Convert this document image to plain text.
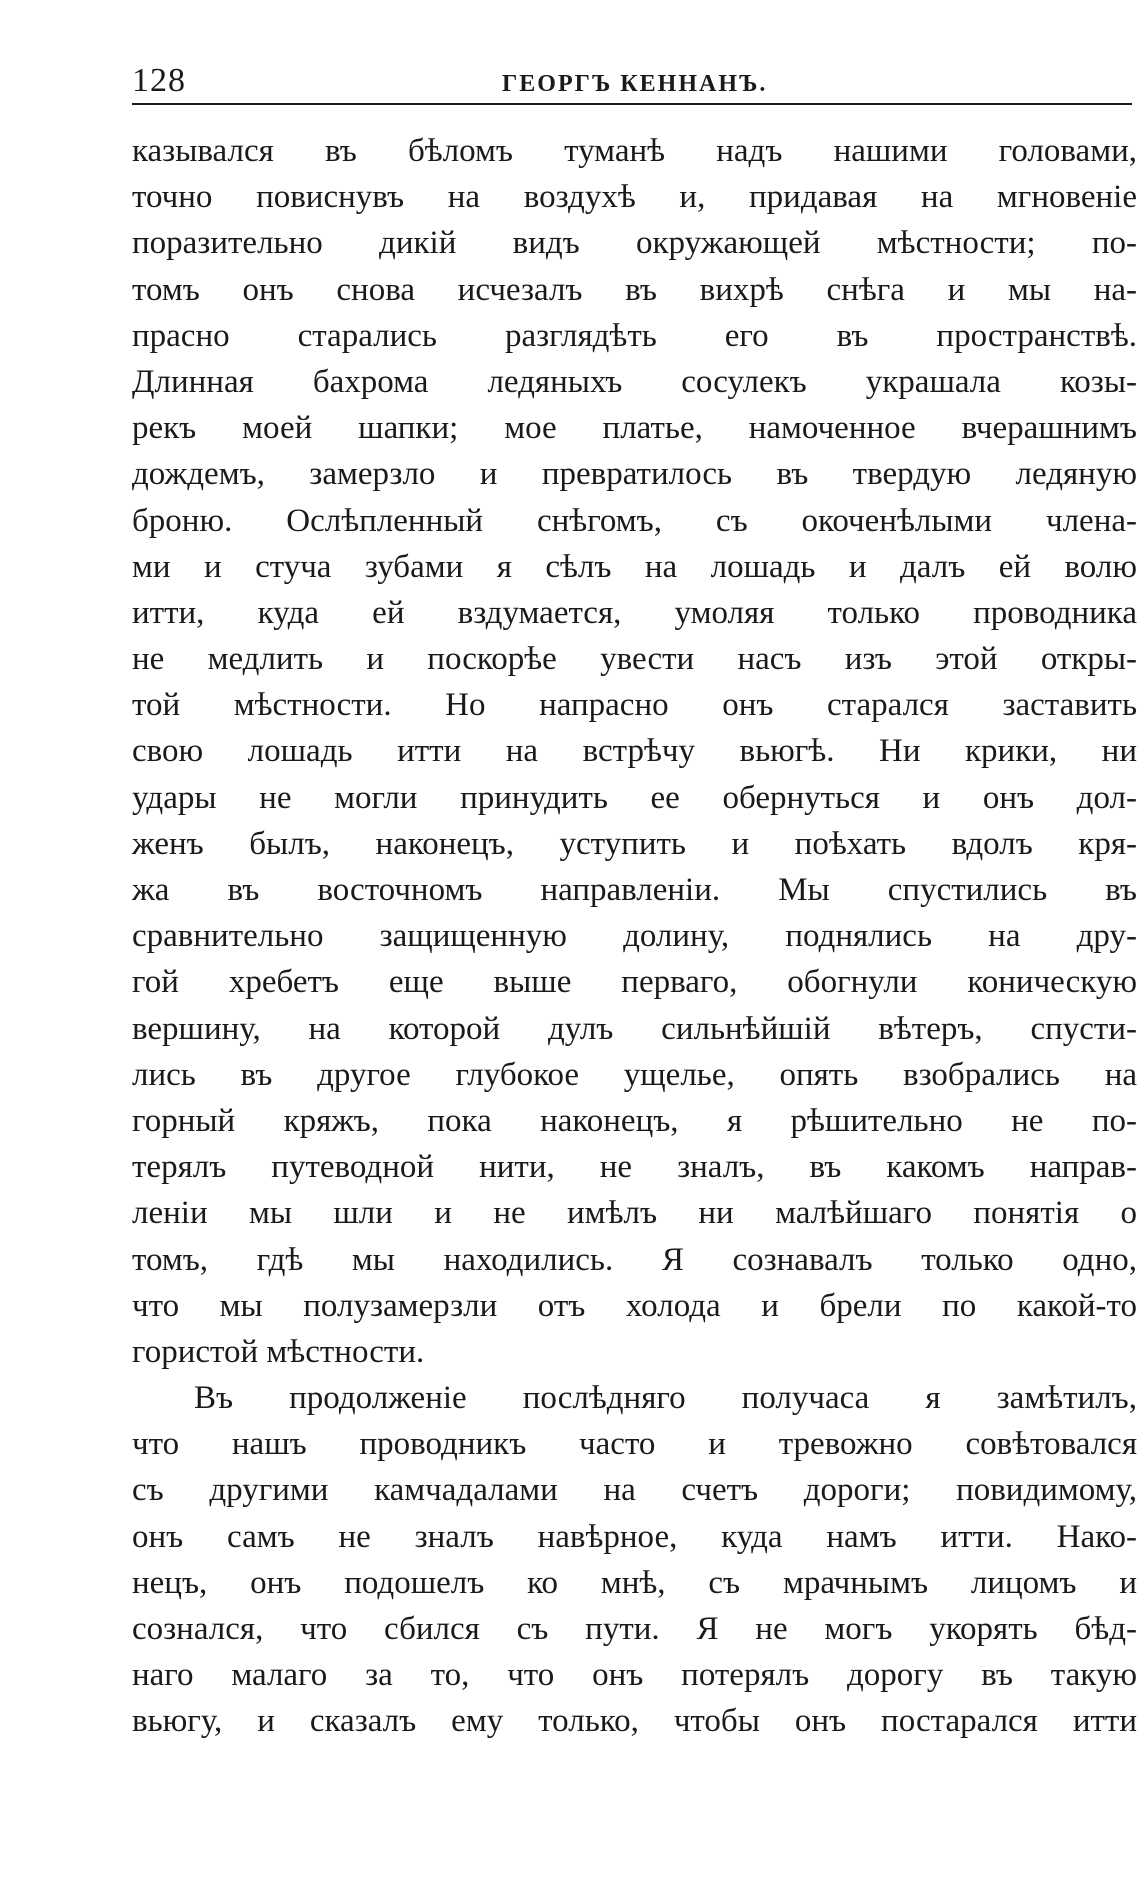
128	ГЕОРГЪ КЕННАНЪ.
казывался въ бѣломъ туманѣ надъ нашими головами,
точно повиснувъ на воздухѣ и, придавая на мгновеніе
поразительно дикій видъ окружающей мѣстности; по-
томъ онъ снова исчезалъ въ вихрѣ снѣга и мы на-
прасно старались разглядѣть его въ пространствѣ.
Длинная бахрома ледяныхъ сосулекъ украшала козы-
рекъ моей шапки; мое платье, намоченное вчерашнимъ
дождемъ, замерзло и превратилось въ твердую ледяную
броню. Ослѣпленный снѣгомъ, съ окоченѣлыми члена-
ми и стуча зубами я сѣлъ на лошадь и далъ ей волю
итти, куда ей вздумается, умоляя только проводника
не медлить и поскорѣе увести насъ изъ этой откры-
той мѣстности. Но напрасно онъ старался заставить
свою лошадь итти на встрѣчу вьюгѣ. Ни крики, ни
удары не могли принудить ее обернуться и онъ дол-
женъ былъ, наконецъ, уступить и поѣхать вдолъ кря-
жа въ восточномъ направленіи. Мы спустились въ
сравнительно защищенную долину, поднялись на дру-
гой хребетъ еще выше перваго, обогнули коническую
вершину, на которой дулъ сильнѣйшій вѣтеръ, спусти-
лись въ другое глубокое ущелье, опять взобрались на
горный кряжъ, пока наконецъ, я рѣшительно не по-
терялъ путеводной нити, не зналъ, въ какомъ направ-
леніи мы шли и не имѣлъ ни малѣйшаго понятія о
томъ, гдѣ мы находились. Я сознавалъ только одно,
что мы полузамерзли отъ холода и брели по какой-то
гористой мѣстности.
Въ продолженіе послѣдняго получаса я замѣтилъ,
что нашъ проводникъ часто и тревожно совѣтовался
съ другими камчадалами на счетъ дороги; повидимому,
онъ самъ не зналъ навѣрное, куда намъ итти. Нако-
нецъ, онъ подошелъ ко мнѣ, съ мрачнымъ лицомъ и
сознался, что сбился съ пути. Я не могъ укорять бѣд-
наго малаго за то, что онъ потерялъ дорогу въ такую
вьюгу, и сказалъ ему только, чтобы онъ постарался итти
